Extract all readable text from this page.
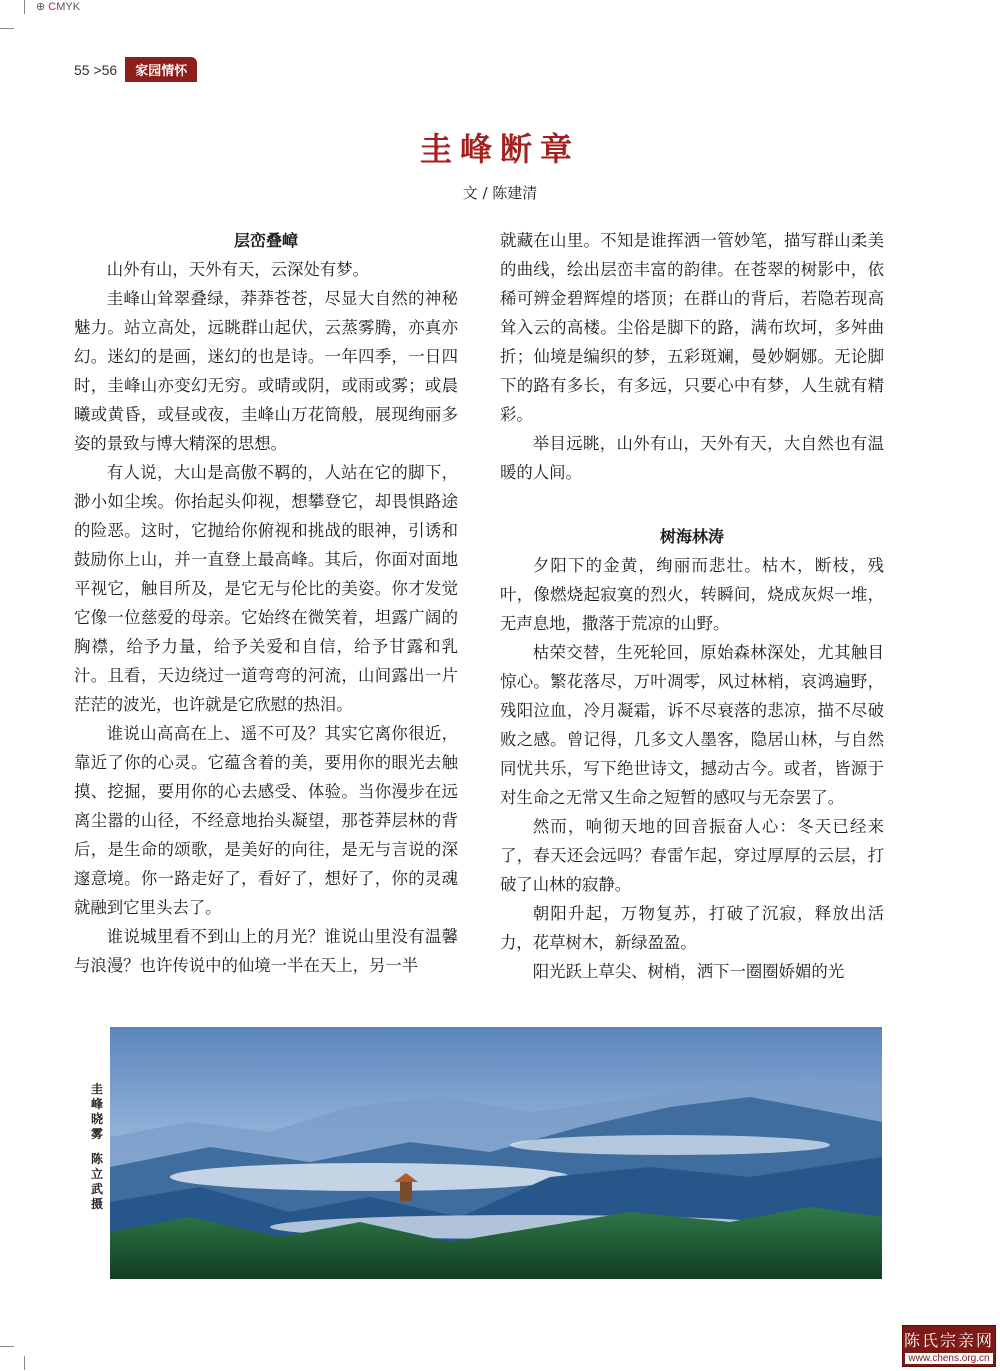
⊕ CMYK
55 >56	家园情怀
圭峰断章
文 / 陈建清
层峦叠嶂

山外有山，天外有天，云深处有梦。

圭峰山耸翠叠绿，莽莽苍苍，尽显大自然的神秘魅力。站立高处，远眺群山起伏，云蒸雾腾，亦真亦幻。迷幻的是画，迷幻的也是诗。一年四季，一日四时，圭峰山亦变幻无穷。或晴或阴，或雨或雾；或晨曦或黄昏，或昼或夜，圭峰山万花筒般，展现绚丽多姿的景致与博大精深的思想。

有人说，大山是高傲不羁的，人站在它的脚下，渺小如尘埃。你抬起头仰视，想攀登它，却畏惧路途的险恶。这时，它抛给你俯视和挑战的眼神，引诱和鼓励你上山，并一直登上最高峰。其后，你面对面地平视它，触目所及，是它无与伦比的美姿。你才发觉它像一位慈爱的母亲。它始终在微笑着，坦露广阔的胸襟，给予力量，给予关爱和自信，给予甘露和乳汁。且看，天边绕过一道弯弯的河流，山间露出一片茫茫的波光，也许就是它欣慰的热泪。

谁说山高高在上、遥不可及？其实它离你很近，靠近了你的心灵。它蕴含着的美，要用你的眼光去触摸、挖掘，要用你的心去感受、体验。当你漫步在远离尘嚣的山径，不经意地抬头凝望，那苍莽层林的背后，是生命的颂歌，是美好的向往，是无与言说的深邃意境。你一路走好了，看好了，想好了，你的灵魂就融到它里头去了。

谁说城里看不到山上的月光？谁说山里没有温馨与浪漫？也许传说中的仙境一半在天上，另一半

就藏在山里。不知是谁挥洒一管妙笔，描写群山柔美的曲线，绘出层峦丰富的韵律。在苍翠的树影中，依稀可辨金碧辉煌的塔顶；在群山的背后，若隐若现高耸入云的高楼。尘俗是脚下的路，满布坎坷，多舛曲折；仙境是编织的梦，五彩斑斓，曼妙婀娜。无论脚下的路有多长，有多远，只要心中有梦，人生就有精彩。

举目远眺，山外有山，天外有天，大自然也有温暖的人间。

树海林涛

夕阳下的金黄，绚丽而悲壮。枯木，断枝，残叶，像燃烧起寂寞的烈火，转瞬间，烧成灰烬一堆，无声息地，撒落于荒凉的山野。

枯荣交替，生死轮回，原始森林深处，尤其触目惊心。繁花落尽，万叶凋零，风过林梢，哀鸿遍野，残阳泣血，冷月凝霜，诉不尽衰落的悲凉，描不尽破败之感。曾记得，几多文人墨客，隐居山林，与自然同忧共乐，写下绝世诗文，撼动古今。或者，皆源于对生命之无常又生命之短暂的感叹与无奈罢了。

然而，响彻天地的回音振奋人心：冬天已经来了，春天还会远吗？春雷乍起，穿过厚厚的云层，打破了山林的寂静。

朝阳升起，万物复苏，打破了沉寂，释放出活力，花草树木，新绿盈盈。

阳光跃上草尖、树梢，洒下一圈圈娇媚的光

圭
峰
晓
雾
陈
立
武
摄
陈氏宗亲网
www.chens.org.cn
